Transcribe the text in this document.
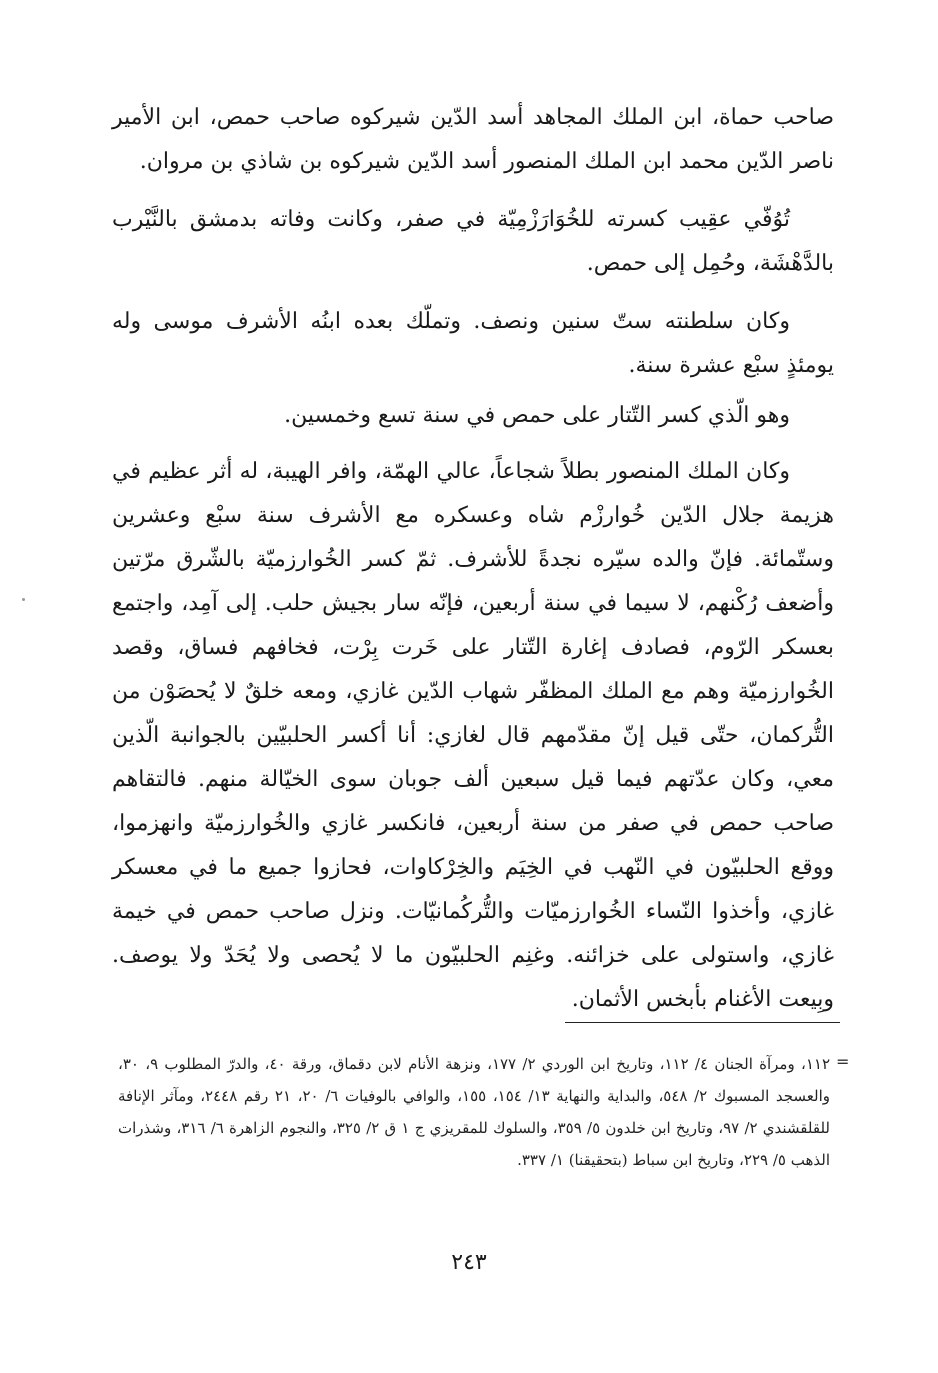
صاحب حماة، ابن الملك المجاهد أسد الدّين شيركوه صاحب حمص، ابن الأمير ناصر الدّين محمد ابن الملك المنصور أسد الدّين شيركوه بن شاذي بن مروان.

تُوُفّي عقِيب كسرته للخُوَارَزْمِيّة في صفر، وكانت وفاته بدمشق بالنَّيْرب بالدَّهْشَة، وحُمِل إلى حمص.

وكان سلطنته ستّ سنين ونصف. وتملّك بعده ابنُه الأشرف موسى وله يومئذٍ سبْع عشرة سنة.

وهو الّذي كسر التّتار على حمص في سنة تسع وخمسين.

وكان الملك المنصور بطلاً شجاعاً، عالي الهمّة، وافر الهيبة، له أثر عظيم في هزيمة جلال الدّين خُوارزْم شاه وعسكره مع الأشرف سنة سبْع وعشرين وستّمائة. فإنّ والده سيّره نجدةً للأشرف. ثمّ كسر الخُوارزميّة بالشّرق مرّتين وأضعف رُكْنهم، لا سيما في سنة أربعين، فإنّه سار بجيش حلب. إلى آمِد، واجتمع بعسكر الرّوم، فصادف إغارة التّتار على خَرت بِرْت، فخافهم فساق، وقصد الخُوارزميّة وهم مع الملك المظفّر شهاب الدّين غازي، ومعه خلقٌ لا يُحصَوْن من التُّركمان، حتّى قيل إنّ مقدّمهم قال لغازي: أنا أكسر الحلبيّين بالجوانبة الّذين معي، وكان عدّتهم فيما قيل سبعين ألف جوبان سوى الخيّالة منهم. فالتقاهم صاحب حمص في صفر من سنة أربعين، فانكسر غازي والخُوارزميّة وانهزموا، ووقع الحلبيّون في النّهب في الخِيَم والخِرْكاوات، فحازوا جميع ما في معسكر غازي، وأخذوا النّساء الخُوارزميّات والتُّركُمانيّات. ونزل صاحب حمص في خيمة غازي، واستولى على خزائنه. وغنِم الحلبيّون ما لا يُحصى ولا يُحَدّ ولا يوصف. وبِيعت الأغنام بأبخس الأثمان.

=

١١٢، ومرآة الجنان ٤/ ١١٢، وتاريخ ابن الوردي ٢/ ١٧٧، ونزهة الأنام لابن دقماق، ورقة ٤٠، والدرّ المطلوب ٩، ٣٠، والعسجد المسبوك ٢/ ٥٤٨، والبداية والنهاية ١٣/ ١٥٤، ١٥٥، والوافي بالوفيات ٦/ ٢٠، ٢١ رقم ٢٤٤٨، ومآثر الإنافة للقلقشندي ٢/ ٩٧، وتاريخ ابن خلدون ٥/ ٣٥٩، والسلوك للمقريزي ج ١ ق ٢/ ٣٢٥، والنجوم الزاهرة ٦/ ٣١٦، وشذرات الذهب ٥/ ٢٢٩، وتاريخ ابن سباط (بتحقيقنا) ١/ ٣٣٧.

٢٤٣
